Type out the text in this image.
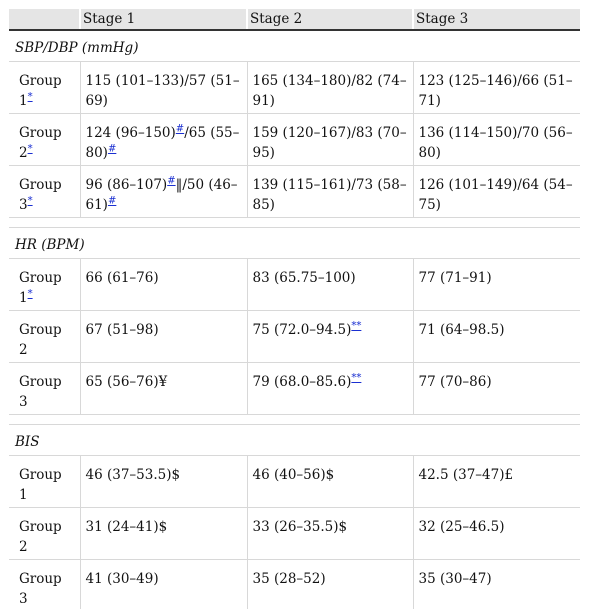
	Stage 1	Stage 2	Stage 3
SBP/DBP (mmHg)			
Group 1*	115 (101–133)/57 (51–69)	165 (134–180)/82 (74–91)	123 (125–146)/66 (51–71)
Group 2*	124 (96–150)#/65 (55–80)#	159 (120–167)/83 (70–95)	136 (114–150)/70 (56–80)
Group 3*	96 (86–107)#‖/50 (46–61)#	139 (115–161)/73 (58–85)	126 (101–149)/64 (54–75)

HR (BPM)			
Group 1*	66 (61–76)	83 (65.75–100)	77 (71–91)
Group 2	67 (51–98)	75 (72.0–94.5)**	71 (64–98.5)
Group 3	65 (56–76)¥	79 (68.0–85.6)**	77 (70–86)

BIS			
Group 1	46 (37–53.5)$	46 (40–56)$	42.5 (37–47)£
Group 2	31 (24–41)$	33 (26–35.5)$	32 (25–46.5)
Group 3	41 (30–49)	35 (28–52)	35 (30–47)
